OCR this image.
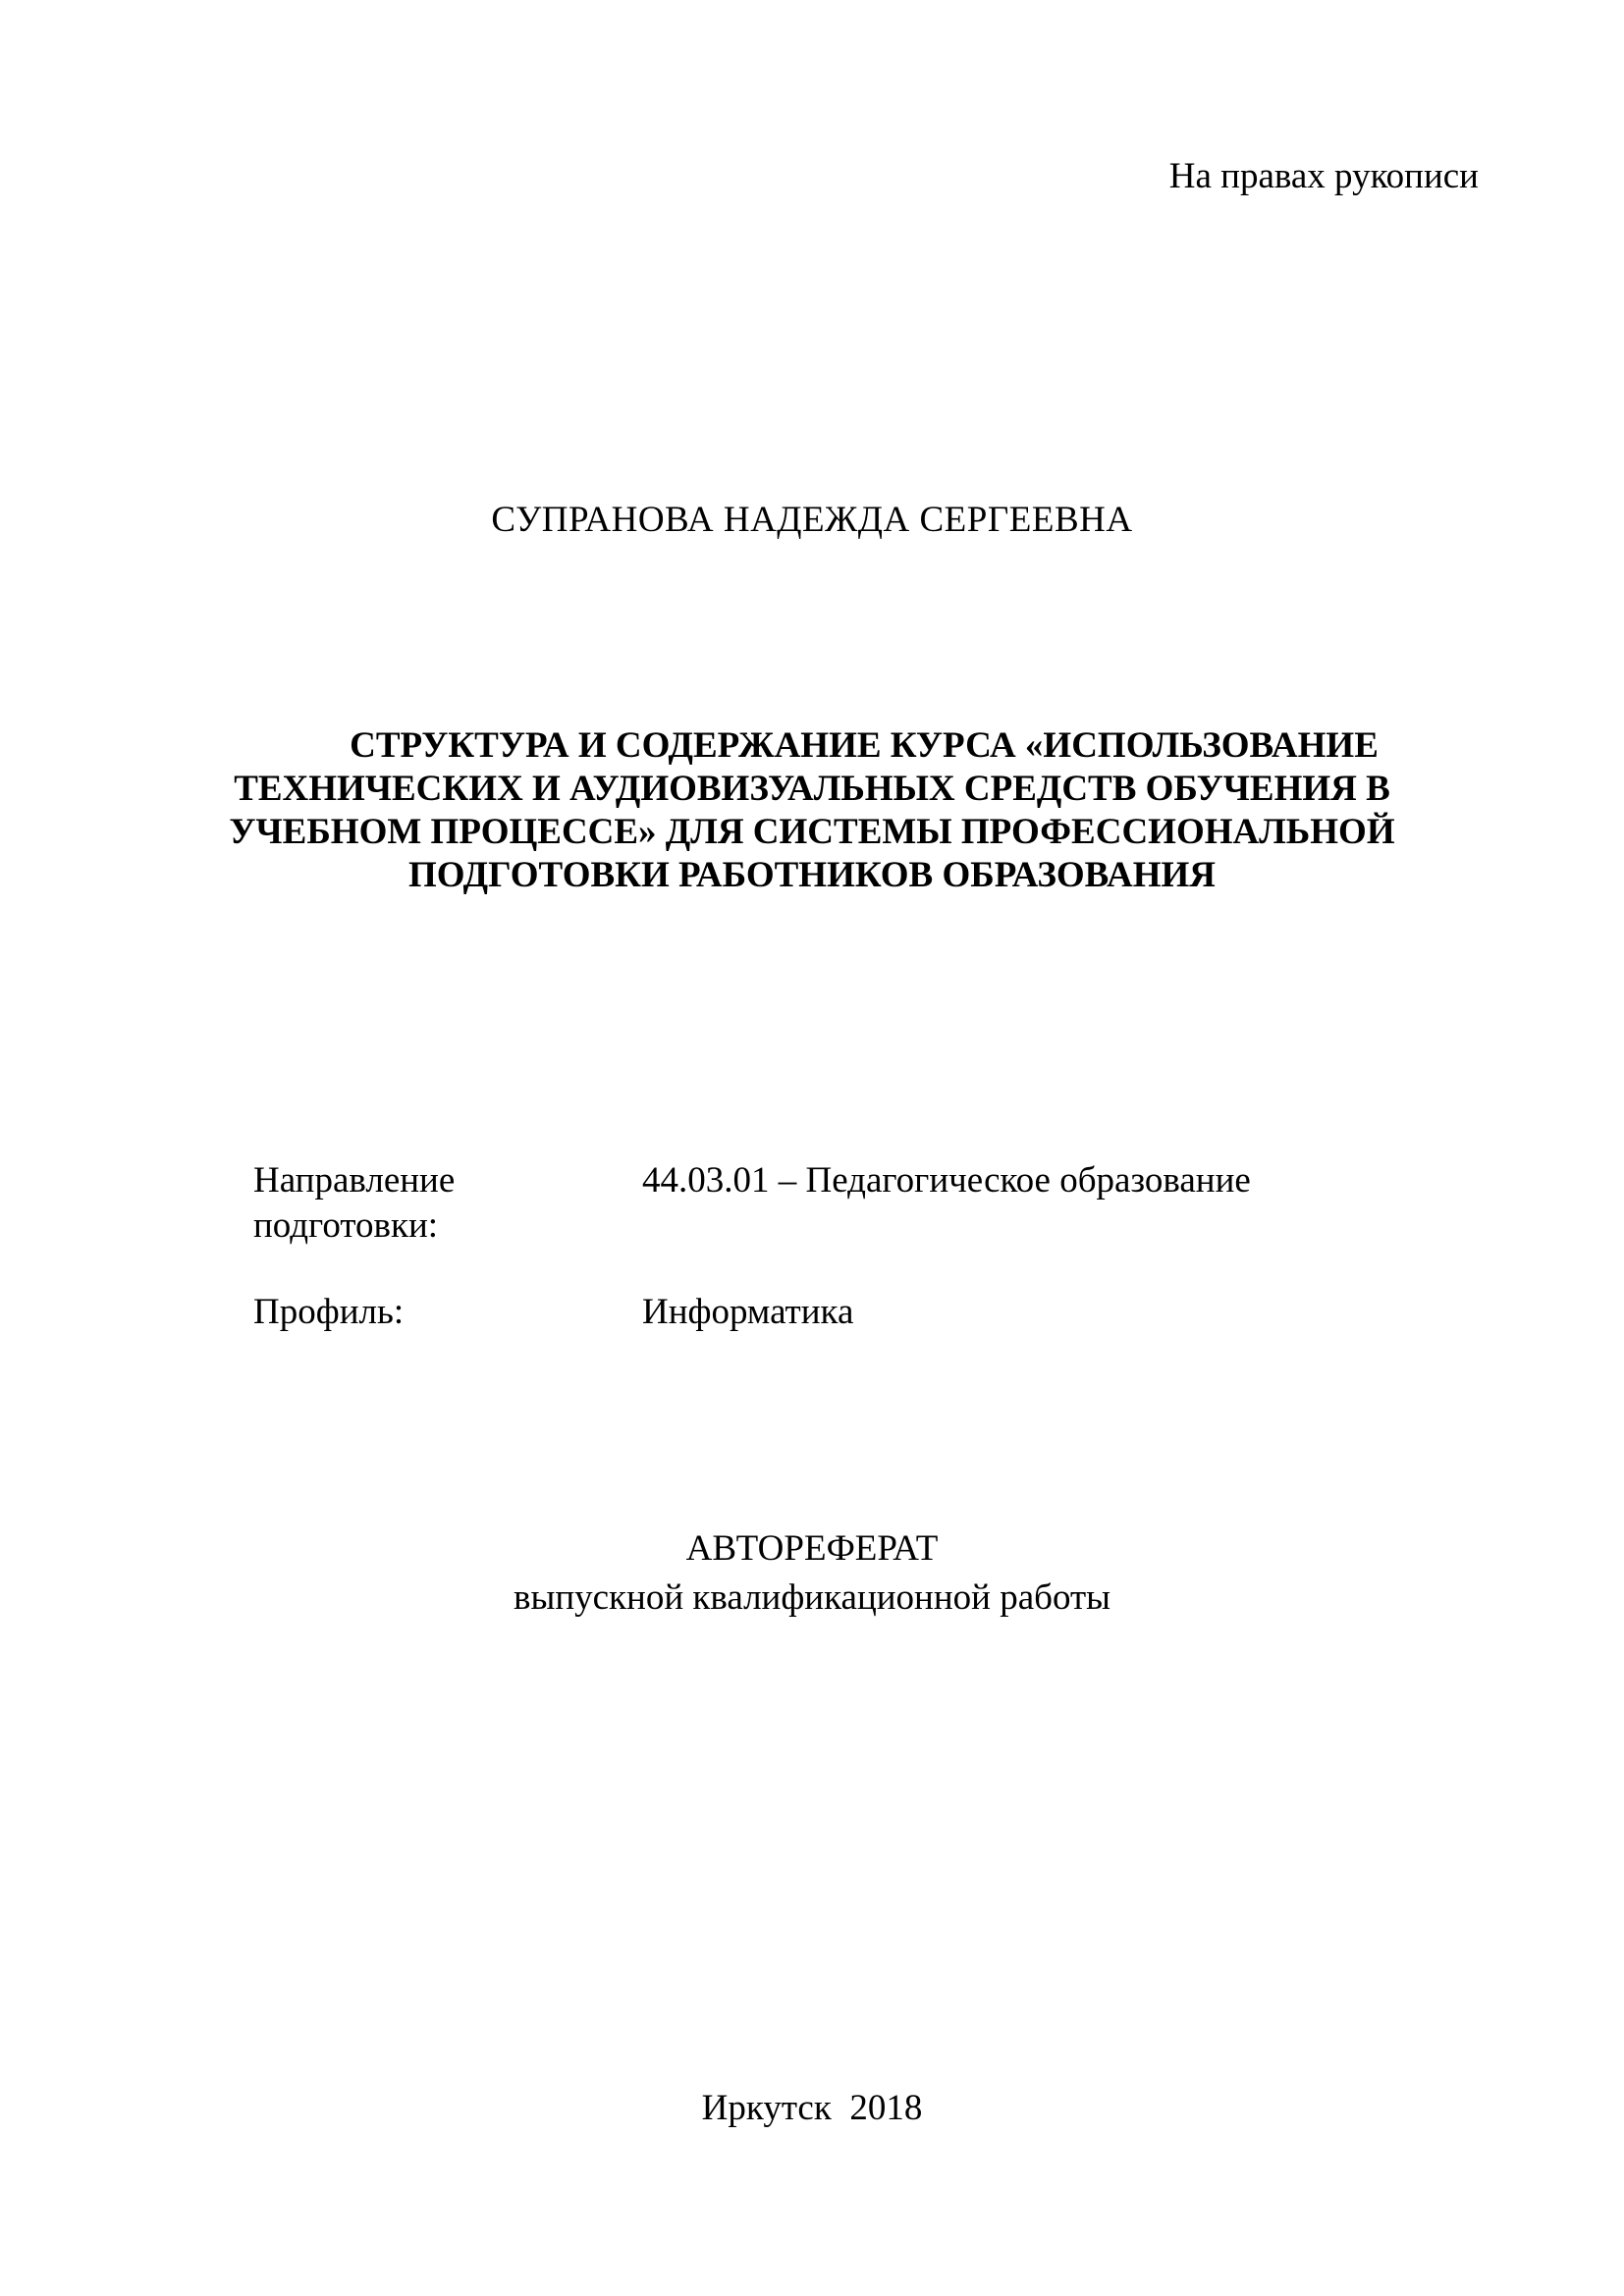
На правах рукописи
СУПРАНОВА НАДЕЖДА СЕРГЕЕВНА
СТРУКТУРА И СОДЕРЖАНИЕ КУРСА «ИСПОЛЬЗОВАНИЕ
ТЕХНИЧЕСКИХ И АУДИОВИЗУАЛЬНЫХ СРЕДСТВ ОБУЧЕНИЯ В
УЧЕБНОМ ПРОЦЕССЕ» ДЛЯ СИСТЕМЫ ПРОФЕССИОНАЛЬНОЙ
ПОДГОТОВКИ РАБОТНИКОВ ОБРАЗОВАНИЯ
Направление подготовки:
44.03.01 – Педагогическое образование
Профиль:	Информатика
АВТОРЕФЕРАТ
выпускной квалификационной работы
Иркутск  2018
